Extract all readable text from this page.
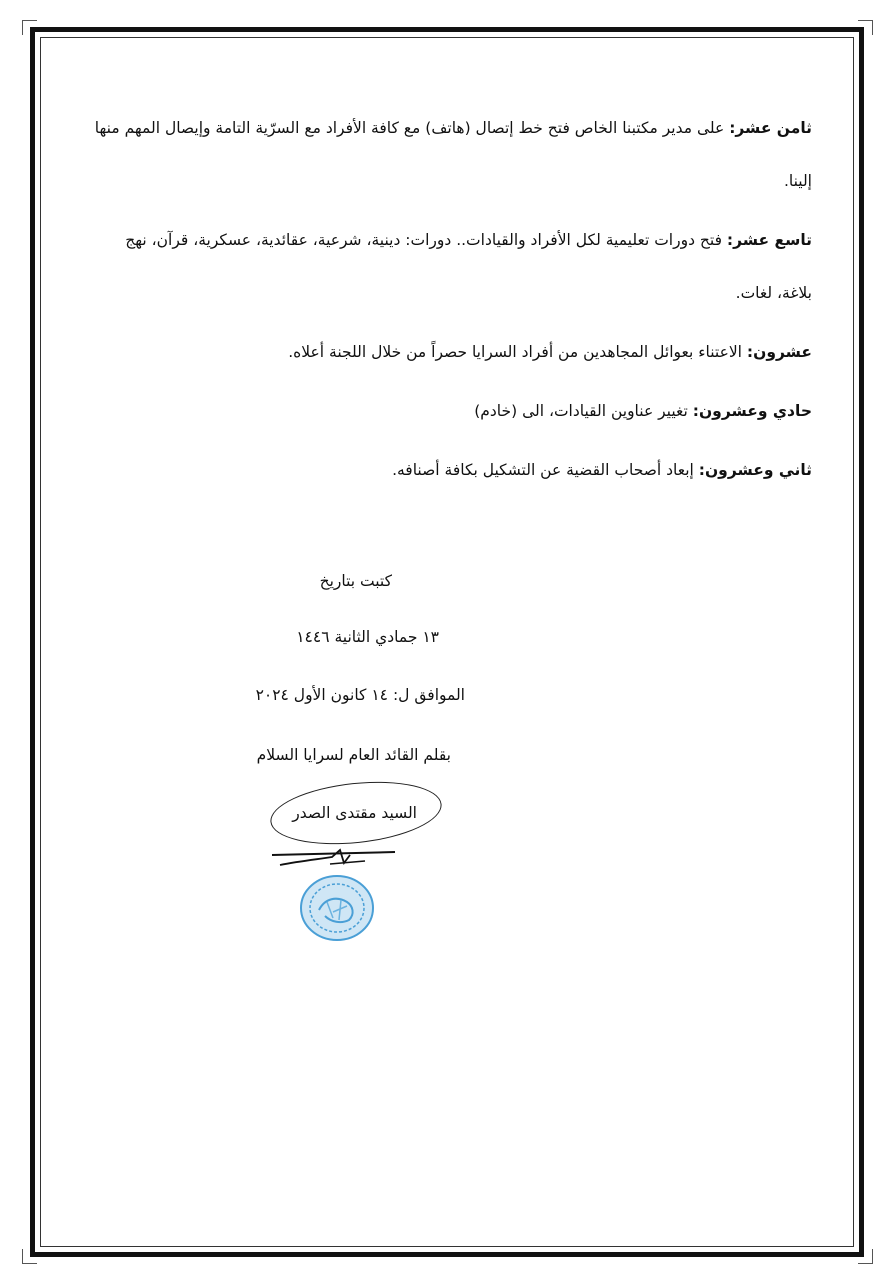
ثامن عشر: على مدير مكتبنا الخاص فتح خط إتصال (هاتف) مع كافة الأفراد مع السرّية التامة وإيصال المهم منها إلينا.

تاسع عشر: فتح دورات تعليمية لكل الأفراد والقيادات.. دورات: دينية، شرعية، عقائدية، عسكرية، قرآن، نهج بلاغة، لغات.

عشرون: الاعتناء بعوائل المجاهدين من أفراد السرايا حصراً من خلال اللجنة أعلاه.

حادي وعشرون: تغيير عناوين القيادات، الى (خادم)

ثاني وعشرون: إبعاد أصحاب القضية عن التشكيل بكافة أصنافه.

كتبت بتاريخ
١٣ جمادي الثانية ١٤٤٦
الموافق ل: ١٤ كانون الأول ٢٠٢٤
بقلم القائد العام لسرايا السلام
السيد مقتدى الصدر
